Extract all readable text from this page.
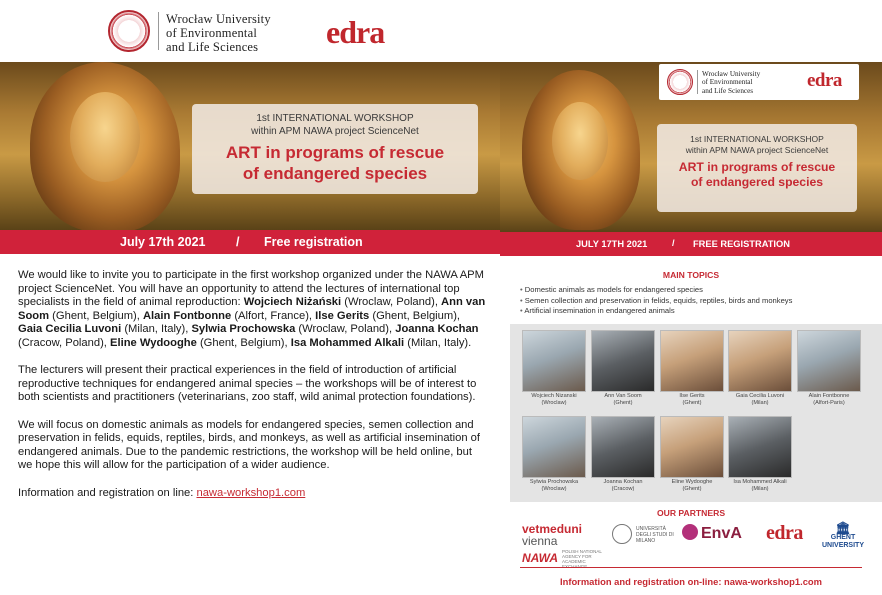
Wrocław University
of Environmental
and Life Sciences	edra
1st INTERNATIONAL WORKSHOP
within APM NAWA project ScienceNet
ART in programs of rescue
of endangered species
July 17th 2021 / Free registration

We would like to invite you to participate in the first workshop organized under the NAWA APM project ScienceNet. You will have an opportunity to attend the lectures of international top specialists in the field of animal reproduction: Wojciech Niżański (Wroclaw, Poland), Ann van Soom (Ghent, Belgium), Alain Fontbonne (Alfort, France), Ilse Gerits (Ghent, Belgium), Gaia Cecilia Luvoni (Milan, Italy), Sylwia Prochowska (Wroclaw, Poland), Joanna Kochan (Cracow, Poland), Eline Wydooghe (Ghent, Belgium), Isa Mohammed Alkali (Milan, Italy).

The lecturers will present their practical experiences in the field of introduction of artificial reproductive techniques for endangered animal species – the workshops will be of interest to both scientists and practitioners (veterinarians, zoo staff, wild animal protection foundations).

We will focus on domestic animals as models for endangered species, semen collection and preservation in felids, equids, reptiles, birds, and monkeys, as well as artificial insemination of endangered animals. Due to the pandemic restrictions, the workshop will be held online, but we hope this will allow for the participation of a wider audience.

Information and registration on line: nawa-workshop1.com

Wrocław University
of Environmental
and Life Sciences	edra
1st INTERNATIONAL WORKSHOP
within APM NAWA project ScienceNet
ART in programs of rescue
of endangered species
JULY 17TH 2021	/ FREE REGISTRATION
MAIN TOPICS
• Domestic animals as models for endangered species
• Semen collection and preservation in felids, equids, reptiles, birds and monkeys
• Artificial insemination in endangered animals
Wojciech Nizanski
(Wroclaw)
Ann Van Soom
(Ghent)
Ilse Gerits
(Ghent)
Gaia Cecilia Luvoni
(Milan)
Alain Fontbonne
(Alfort-Paris)
Sylwia Prochowska
(Wroclaw)
Joanna Kochan
(Cracow)
Eline Wydooghe
(Ghent)
Isa Mohammed Alkali
(Milan)
OUR PARTNERS
vetmeduni
vienna
UNIVERSITÀ DEGLI STUDI DI MILANO	EnvA edra	🏛
GHENT
UNIVERSITY
NAWA POLISH NATIONAL AGENCY FOR ACADEMIC
Information and registration on-line: nawa-workshop1.com
